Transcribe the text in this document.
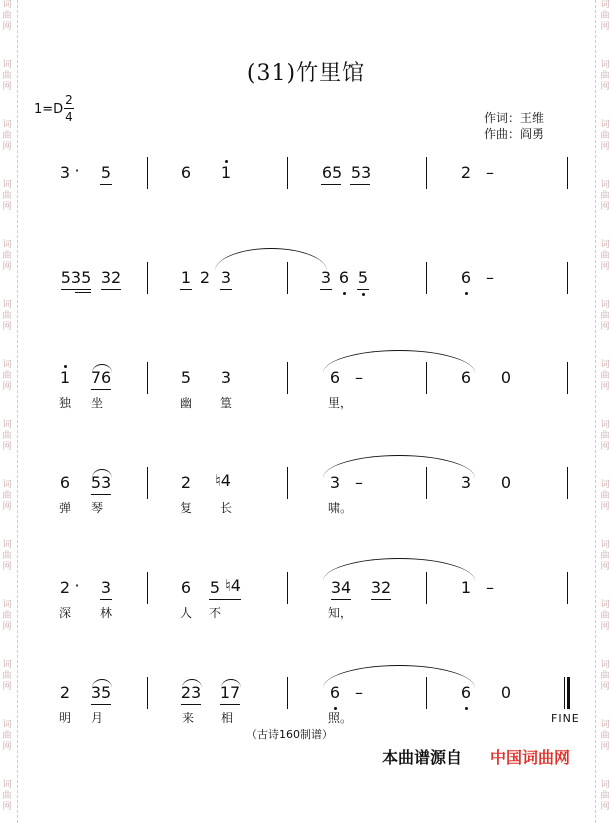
词
曲
网
词
曲
网
词
曲
网
词
曲
网
词
曲
网
词
曲
网
词
曲
网
词
曲
网
词
曲
网
词
曲
网
词
曲
网
词
曲
网
词
曲
网
词
曲
网
词
曲
网
词
曲
网
词
曲
网
词
曲
网
词
曲
网
词
曲
网
词
曲
网
词
曲
网
词
曲
网
词
曲
网
词
曲
网
词
曲
网
词
曲
网
词
曲
网
(31)竹里馆
1=D
2
4	作词：王维
作曲：阎勇
3 · 5	6 1	65 53	2 –
535 32	1 2 3	3 6 5	6 –
1 76	5 3	6 –	6 0
独	坐	幽	篁	里，
6 53	2 ♮4	3 –	3 0
弹	琴	复	长	啸。
2 · 3	6 5 ♮4	34 32	1 –
深	林	人	不	知，
2 35	23 17	6 –	6 0
FINE
明	月	来	相	照。
（古诗160制谱）
本曲谱源自 中国词曲网
